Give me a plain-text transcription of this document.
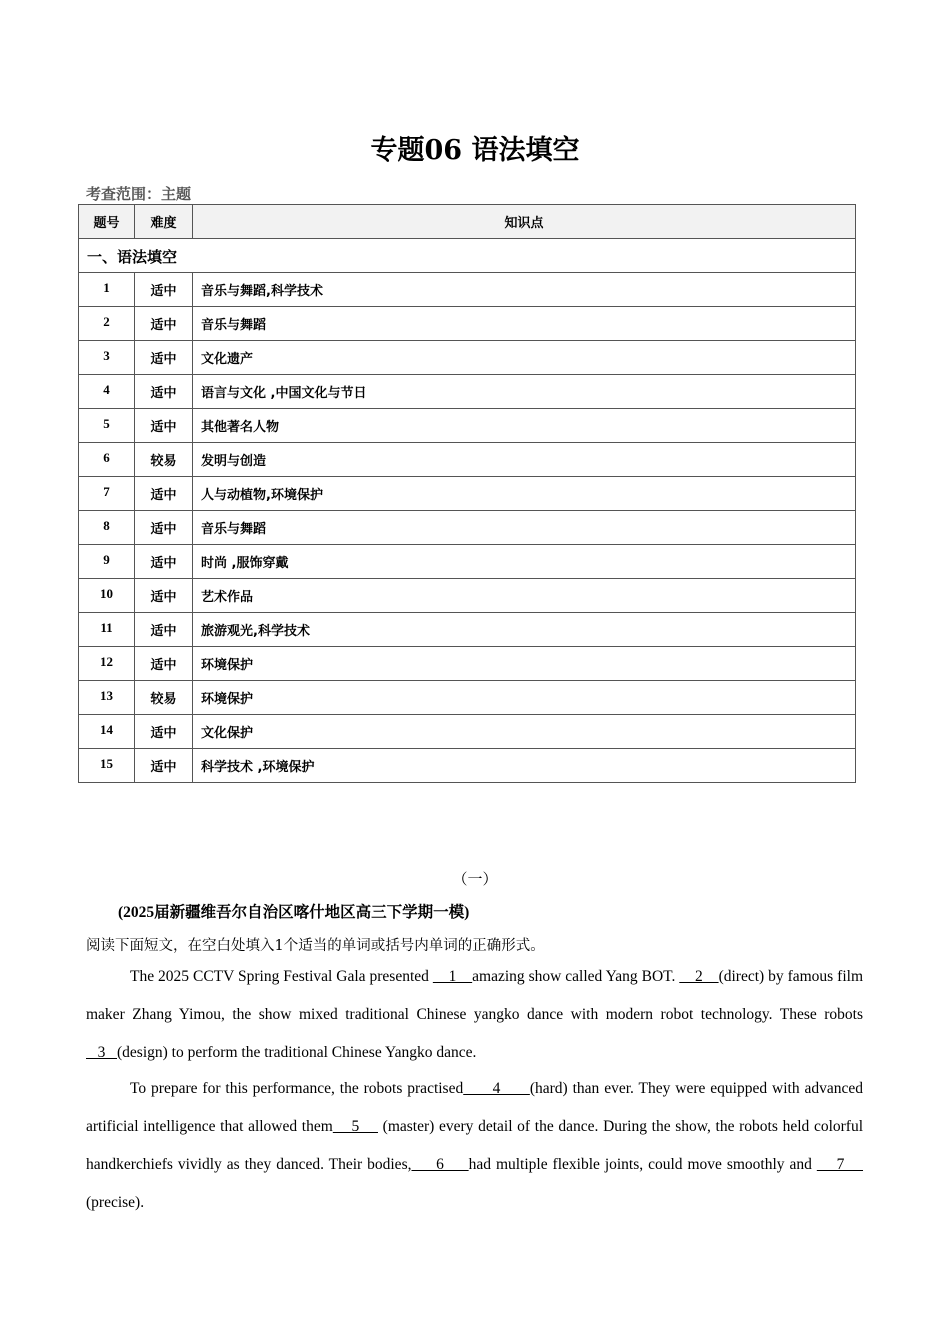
专题06 语法填空
考查范围：主题
题号	难度	知识点
一、语法填空		
1	适中	音乐与舞蹈,科学技术
2	适中	音乐与舞蹈
3	适中	文化遗产
4	适中	语言与文化 ,中国文化与节日
5	适中	其他著名人物
6	较易	发明与创造
7	适中	人与动植物,环境保护
8	适中	音乐与舞蹈
9	适中	时尚 ,服饰穿戴
10	适中	艺术作品
11	适中	旅游观光,科学技术
12	适中	环境保护
13	较易	环境保护
14	适中	文化保护
15	适中	科学技术 ,环境保护
（一）
(2025届新疆维吾尔自治区喀什地区高三下学期一模)
阅读下面短文，在空白处填入1个适当的单词或括号内单词的正确形式。

The 2025 CCTV Spring Festival Gala presented     1    amazing show called Yang BOT.     2    (direct) by famous film maker Zhang Yimou, the show mixed traditional Chinese yangko dance with modern robot technology. These robots    3   (design) to perform the traditional Chinese Yangko dance.

To prepare for this performance, the robots practised      4      (hard) than ever. They were equipped with advanced artificial intelligence that allowed them    5     (master) every detail of the dance. During the show, the robots held colorful handkerchiefs vividly as they danced. Their bodies,     6     had multiple flexible joints, could move smoothly and     7     (precise).
